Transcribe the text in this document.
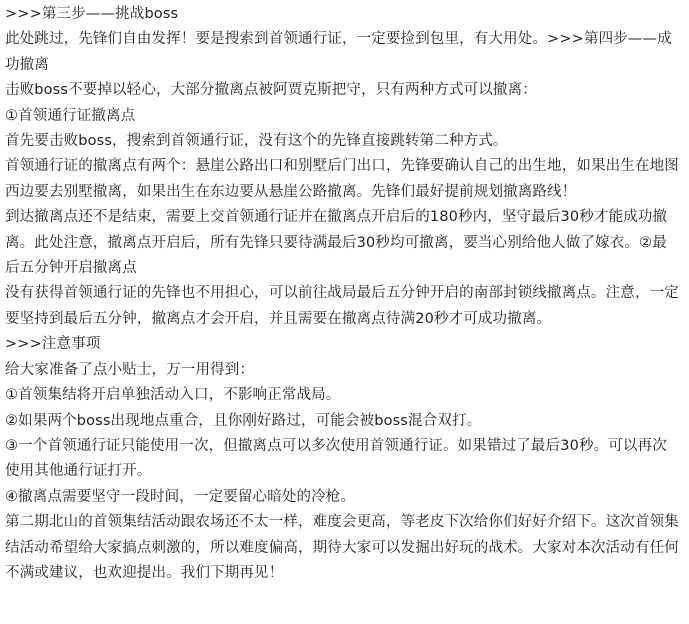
>>>第三步——挑战boss

此处跳过，先锋们自由发挥！要是搜索到首领通行证，一定要捡到包里，有大用处。>>>第四步——成功撤离

击败boss不要掉以轻心，大部分撤离点被阿贾克斯把守，只有两种方式可以撤离：

①首领通行证撤离点

首先要击败boss，搜索到首领通行证，没有这个的先锋直接跳转第二种方式。

首领通行证的撤离点有两个：悬崖公路出口和别墅后门出口，先锋要确认自己的出生地，如果出生在地图西边要去别墅撤离，如果出生在东边要从悬崖公路撤离。先锋们最好提前规划撤离路线！

到达撤离点还不是结束，需要上交首领通行证并在撤离点开启后的180秒内，坚守最后30秒才能成功撤离。此处注意，撤离点开启后，所有先锋只要待满最后30秒均可撤离，要当心别给他人做了嫁衣。②最后五分钟开启撤离点

没有获得首领通行证的先锋也不用担心，可以前往战局最后五分钟开启的南部封锁线撤离点。注意，一定要坚持到最后五分钟，撤离点才会开启，并且需要在撤离点待满20秒才可成功撤离。

>>>注意事项

给大家准备了点小贴士，万一用得到：

①首领集结将开启单独活动入口，不影响正常战局。

②如果两个boss出现地点重合，且你刚好路过，可能会被boss混合双打。

③一个首领通行证只能使用一次，但撤离点可以多次使用首领通行证。如果错过了最后30秒。可以再次使用其他通行证打开。

④撤离点需要坚守一段时间，一定要留心暗处的冷枪。

第二期北山的首领集结活动跟农场还不太一样，难度会更高，等老皮下次给你们好好介绍下。这次首领集结活动希望给大家搞点刺激的，所以难度偏高，期待大家可以发掘出好玩的战术。大家对本次活动有任何不满或建议，也欢迎提出。我们下期再见！
